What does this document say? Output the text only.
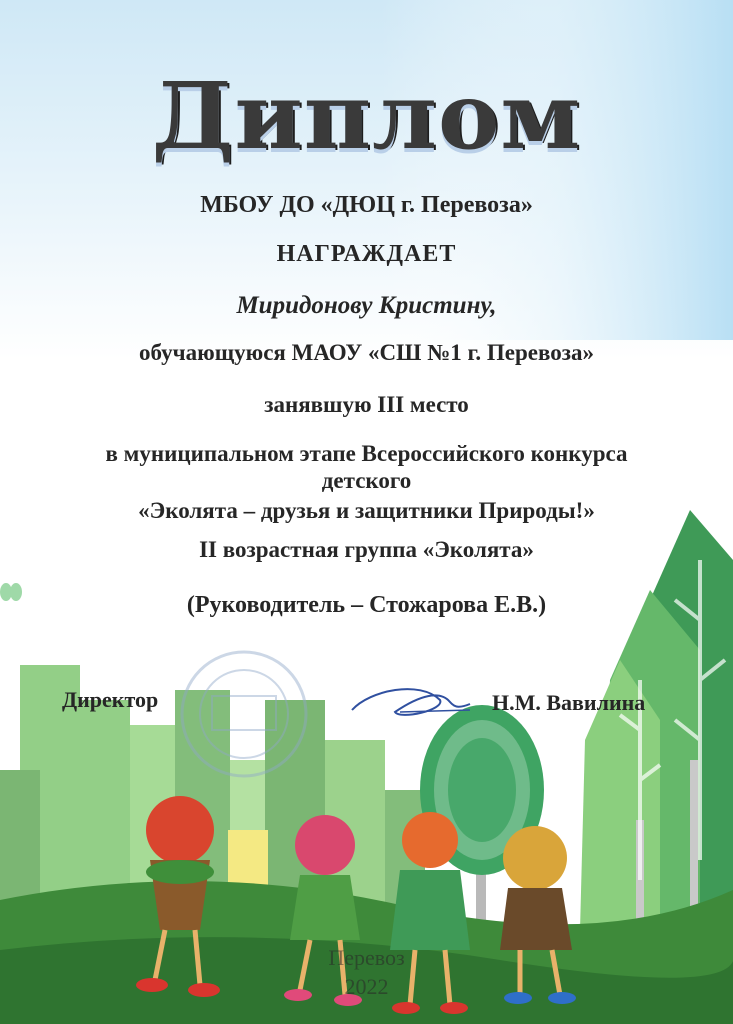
Диплом
МБОУ ДО «ДЮЦ г. Перевоза»
НАГРАЖДАЕТ
Миридонову Кристину,
обучающуюся МАОУ «СШ №1 г. Перевоза»
занявшую III место
в муниципальном этапе Всероссийского конкурса
детского
«Эколята – друзья и защитники Природы!»
II возрастная группа «Эколята»
(Руководитель – Стожарова Е.В.)
Директор	Н.М. Вавилина
Перевоз
2022
